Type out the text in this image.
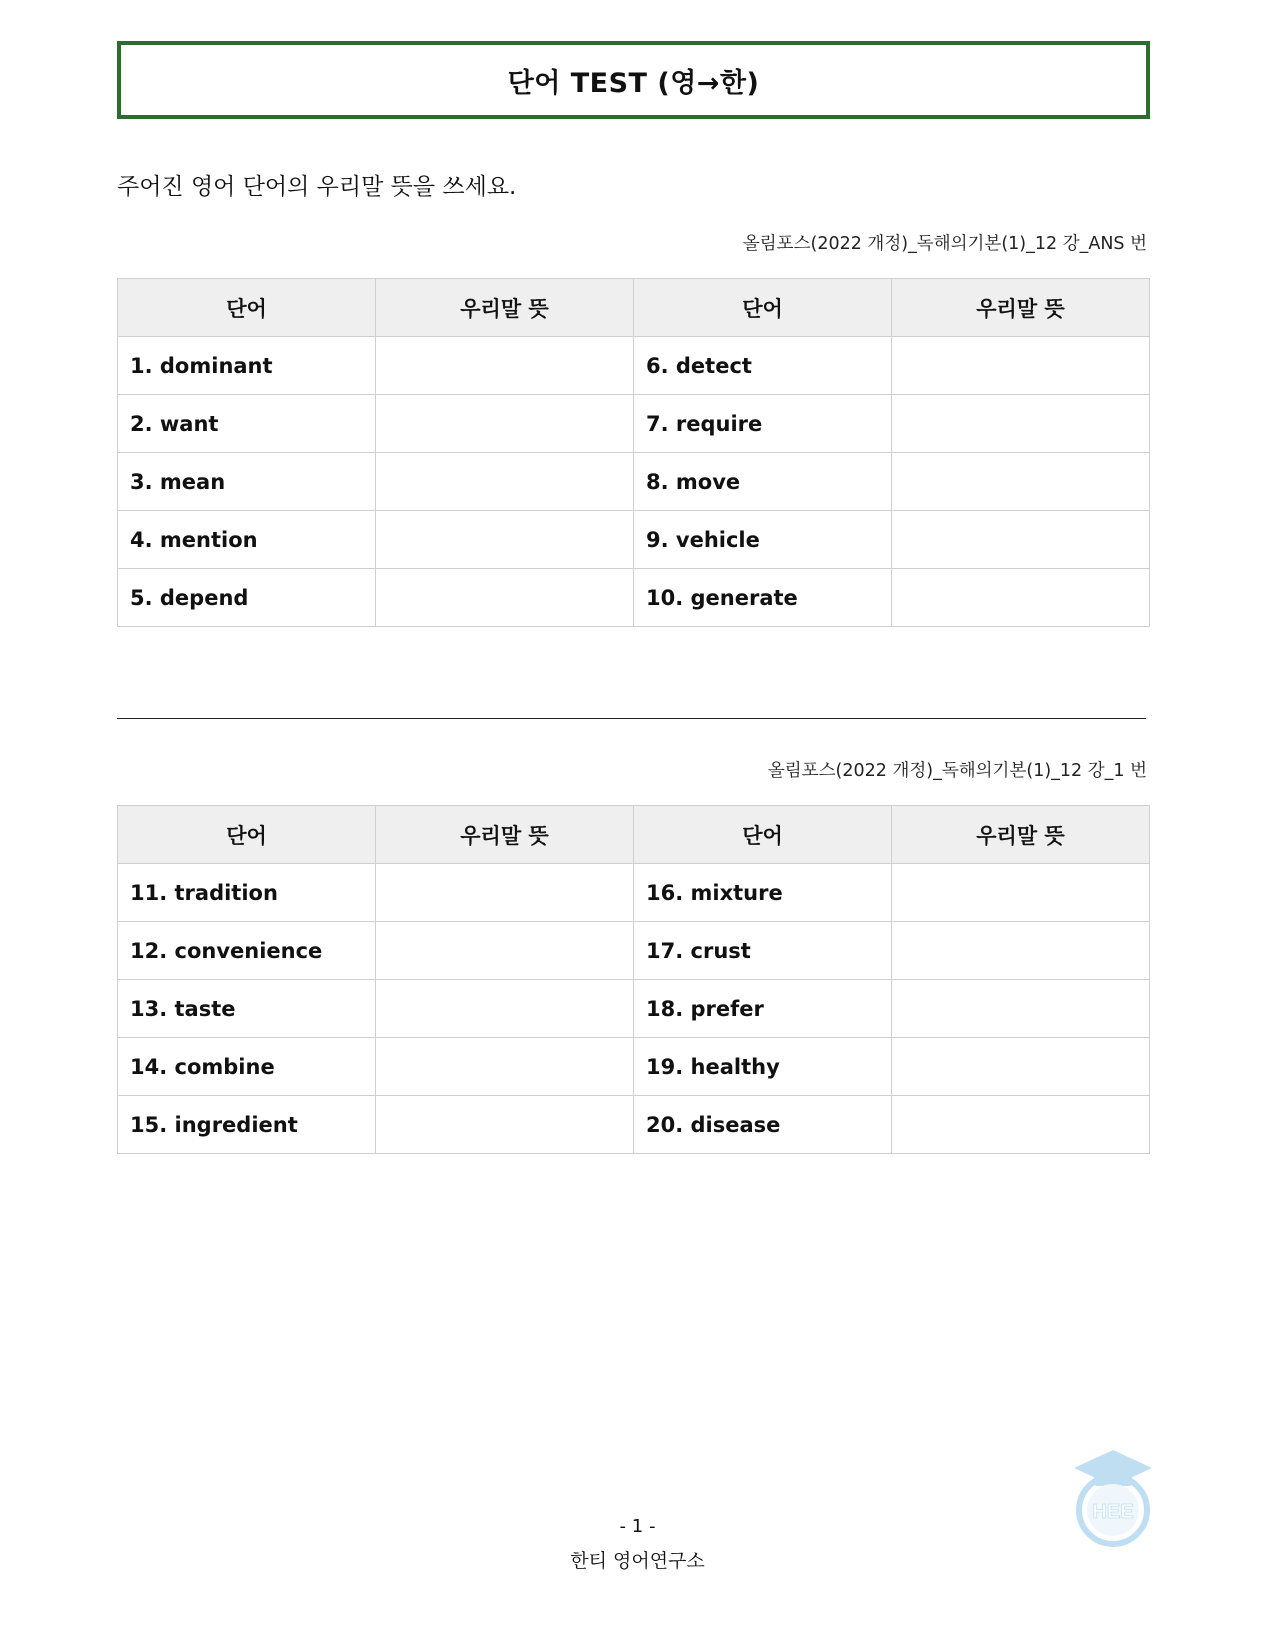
단어 TEST (영→한)

주어진 영어 단어의 우리말 뜻을 쓰세요.

올림포스(2022 개정)_독해의기본(1)_12 강_ANS 번

단어	우리말 뜻	단어	우리말 뜻
1. dominant		6. detect	
2. want		7. require	
3. mean		8. move	
4. mention		9. vehicle	
5. depend		10. generate	

올림포스(2022 개정)_독해의기본(1)_12 강_1 번

단어	우리말 뜻	단어	우리말 뜻
11. tradition		16. mixture	
12. convenience		17. crust	
13. taste		18. prefer	
14. combine		19. healthy	
15. ingredient		20. disease	
HEE

- 1 -

한티 영어연구소
